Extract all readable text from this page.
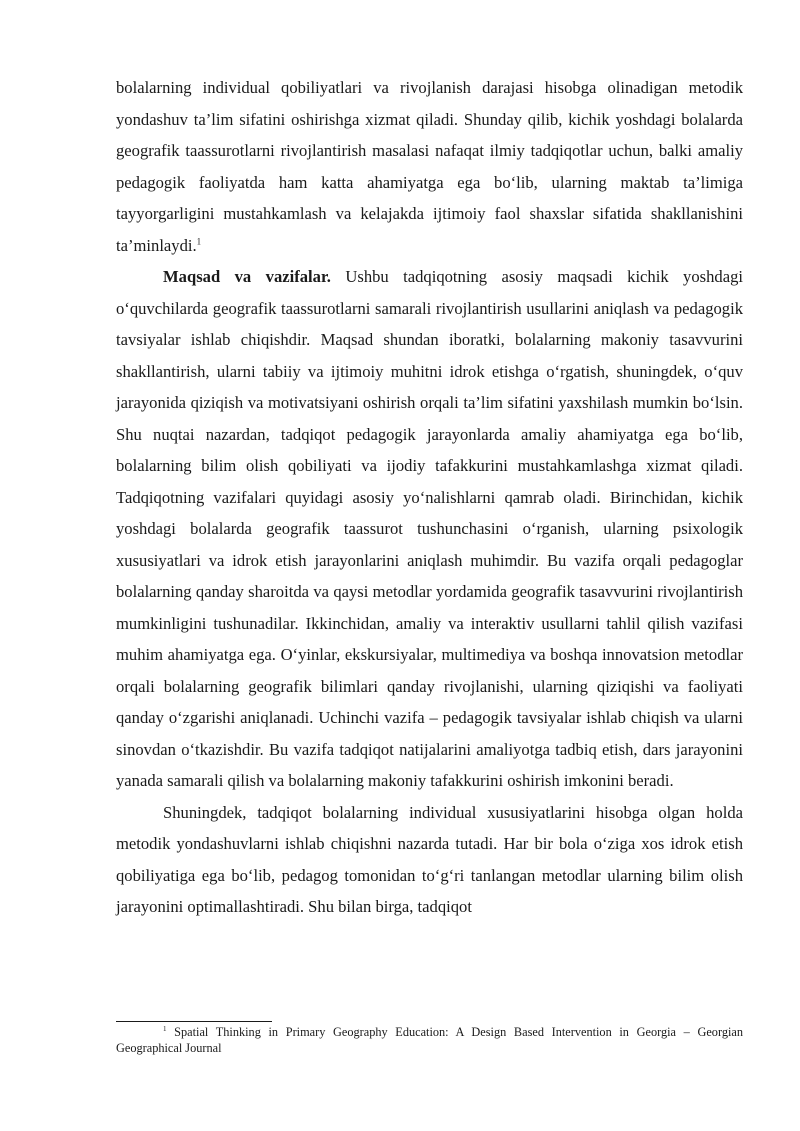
bolalarning individual qobiliyatlari va rivojlanish darajasi hisobga olinadigan metodik yondashuv ta’lim sifatini oshirishga xizmat qiladi. Shunday qilib, kichik yoshdagi bolalarda geografik taassurotlarni rivojlantirish masalasi nafaqat ilmiy tadqiqotlar uchun, balki amaliy pedagogik faoliyatda ham katta ahamiyatga ega bo‘lib, ularning maktab ta’limiga tayyorgarligini mustahkamlash va kelajakda ijtimoiy faol shaxslar sifatida shakllanishini ta’minlaydi.$^1$

Maqsad va vazifalar. Ushbu tadqiqotning asosiy maqsadi kichik yoshdagi o‘quvchilarda geografik taassurotlarni samarali rivojlantirish usullarini aniqlash va pedagogik tavsiyalar ishlab chiqishdir. Maqsad shundan iboratki, bolalarning makoniy tasavvurini shakllantirish, ularni tabiiy va ijtimoiy muhitni idrok etishga o‘rgatish, shuningdek, o‘quv jarayonida qiziqish va motivatsiyani oshirish orqali ta’lim sifatini yaxshilash mumkin bo‘lsin. Shu nuqtai nazardan, tadqiqot pedagogik jarayonlarda amaliy ahamiyatga ega bo‘lib, bolalarning bilim olish qobiliyati va ijodiy tafakkurini mustahkamlashga xizmat qiladi. Tadqiqotning vazifalari quyidagi asosiy yo‘nalishlarni qamrab oladi. Birinchidan, kichik yoshdagi bolalarda geografik taassurot tushunchasini o‘rganish, ularning psixologik xususiyatlari va idrok etish jarayonlarini aniqlash muhimdir. Bu vazifa orqali pedagoglar bolalarning qanday sharoitda va qaysi metodlar yordamida geografik tasavvurini rivojlantirish mumkinligini tushunadilar. Ikkinchidan, amaliy va interaktiv usullarni tahlil qilish vazifasi muhim ahamiyatga ega. O‘yinlar, ekskursiyalar, multimediya va boshqa innovatsion metodlar orqali bolalarning geografik bilimlari qanday rivojlanishi, ularning qiziqishi va faoliyati qanday o‘zgarishi aniqlanadi. Uchinchi vazifa – pedagogik tavsiyalar ishlab chiqish va ularni sinovdan o‘tkazishdir. Bu vazifa tadqiqot natijalarini amaliyotga tadbiq etish, dars jarayonini yanada samarali qilish va bolalarning makoniy tafakkurini oshirish imkonini beradi.

Shuningdek, tadqiqot bolalarning individual xususiyatlarini hisobga olgan holda metodik yondashuvlarni ishlab chiqishni nazarda tutadi. Har bir bola o‘ziga xos idrok etish qobiliyatiga ega bo‘lib, pedagog tomonidan to‘g‘ri tanlangan metodlar ularning bilim olish jarayonini optimallashtiradi. Shu bilan birga, tadqiqot

$^1$ Spatial Thinking in Primary Geography Education: A Design Based Intervention in Georgia – Georgian Geographical Journal
